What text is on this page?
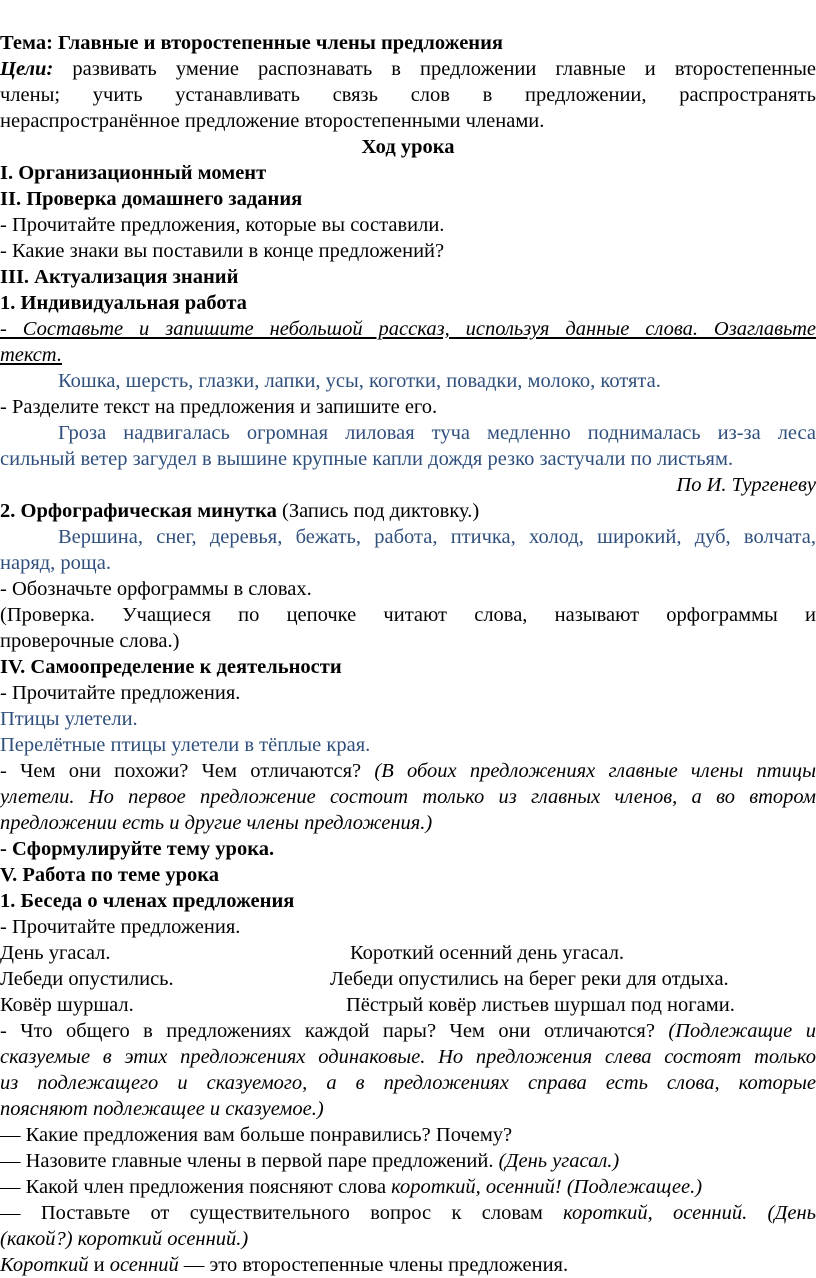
Тема: Главные и второстепенные члены предложения
Цели: развивать умение распознавать в предложении главные и второстепенные
члены; учить устанавливать связь слов в предложении, распространять
нераспространённое предложение второстепенными членами.
Ход урока
I. Организационный момент
II. Проверка домашнего задания
- Прочитайте предложения, которые вы составили.
- Какие знаки вы поставили в конце предложений?
III. Актуализация знаний
1. Индивидуальная работа
- Составьте и запишите небольшой рассказ, используя данные слова. Озаглавьте
текст.
Кошка, шерсть, глазки, лапки, усы, коготки, повадки, молоко, котята.
- Разделите текст на предложения и запишите его.
Гроза надвигалась огромная лиловая туча медленно поднималась из-за леса
сильный ветер загудел в вышине крупные капли дождя резко застучали по листьям.
По И. Тургеневу
2. Орфографическая минутка (Запись под диктовку.)
Вершина, снег, деревья, бежать, работа, птичка, холод, широкий, дуб, волчата,
наряд, роща.
- Обозначьте орфограммы в словах.
(Проверка. Учащиеся по цепочке читают слова, называют орфограммы и
проверочные слова.)
IV. Самоопределение к деятельности
- Прочитайте предложения.
Птицы улетели.
Перелётные птицы улетели в тёплые края.
- Чем они похожи? Чем отличаются? (В обоих предложениях главные члены птицы
улетели. Но первое предложение состоит только из главных членов, а во втором
предложении есть и другие члены предложения.)
- Сформулируйте тему урока.
V. Работа по теме урока
1. Беседа о членах предложения
- Прочитайте предложения.
День угасал.	Короткий осенний день угасал.
Лебеди опустились.	Лебеди опустились на берег реки для отдыха.
Ковёр шуршал.	Пёстрый ковёр листьев шуршал под ногами.
- Что общего в предложениях каждой пары? Чем они отличаются? (Подлежащие и
сказуемые в этих предложениях одинаковые. Но предложения слева состоят только
из подлежащего и сказуемого, а в предложениях справа есть слова, которые
поясняют подлежащее и сказуемое.)
— Какие предложения вам больше понравились? Почему?
— Назовите главные члены в первой паре предложений. (День угасал.)
— Какой член предложения поясняют слова короткий, осенний! (Подлежащее.)
— Поставьте от существительного вопрос к словам короткий, осенний. (День
(какой?) короткий осенний.)
Короткий и осенний — это второстепенные члены предложения.
